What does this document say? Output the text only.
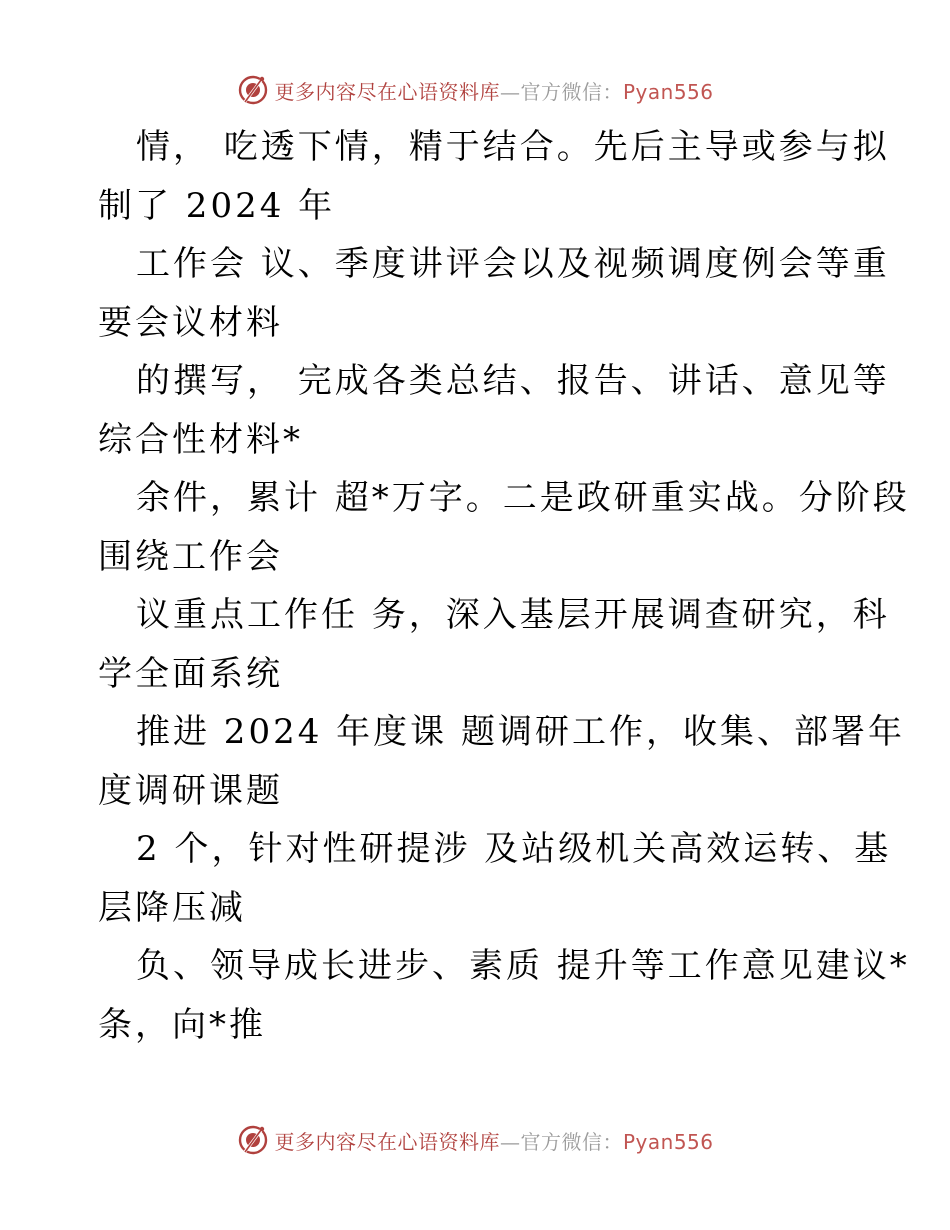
更多内容尽在心语资料库—官方微信：Pyan556
情， 吃透下情，精于结合。先后主导或参与拟
制了 2024 年
工作会 议、季度讲评会以及视频调度例会等重
要会议材料
的撰写， 完成各类总结、报告、讲话、意见等
综合性材料*
余件，累计 超*万字。二是政研重实战。分阶段
围绕工作会
议重点工作任 务，深入基层开展调查研究，科
学全面系统
推进 2024 年度课 题调研工作，收集、部署年
度调研课题
2 个，针对性研提涉 及站级机关高效运转、基
层降压减
负、领导成长进步、素质 提升等工作意见建议*
条，向*推
更多内容尽在心语资料库—官方微信：Pyan556
